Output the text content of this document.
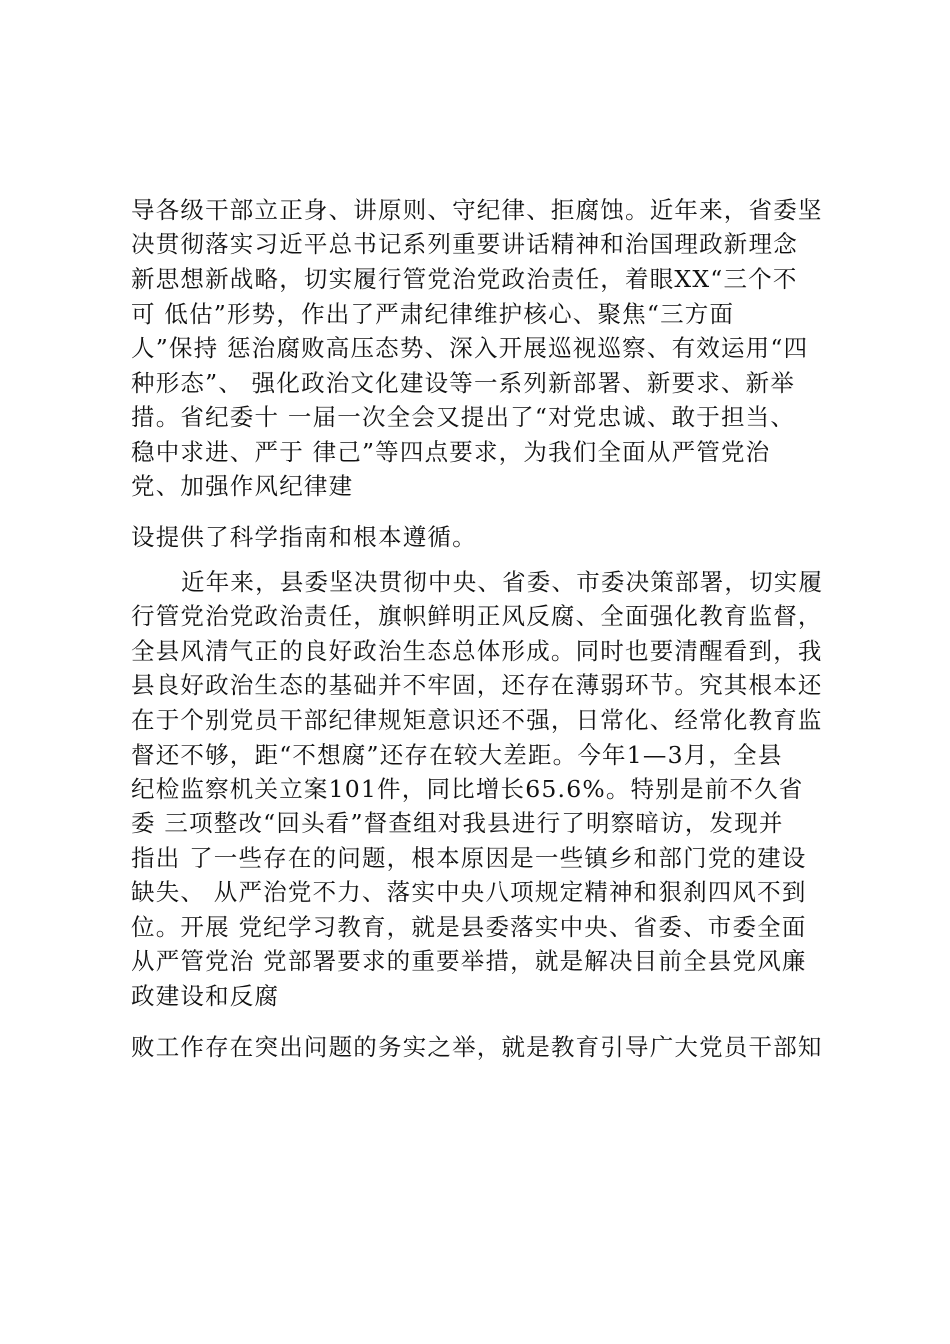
导各级干部立正身、讲原则、守纪律、拒腐蚀。近年来，省委坚
决贯彻落实习近平总书记系列重要讲话精神和治国理政新理念
新思想新战略，切实履行管党治党政治责任，着眼XX“三个不
可 低估”形势，作出了严肃纪律维护核心、聚焦“三方面
人”保持 惩治腐败高压态势、深入开展巡视巡察、有效运用“四
种形态”、 强化政治文化建设等一系列新部署、新要求、新举
措。省纪委十 一届一次全会又提出了“对党忠诚、敢于担当、
稳中求进、严于 律己”等四点要求，为我们全面从严管党治
党、加强作风纪律建
设提供了科学指南和根本遵循。
近年来，县委坚决贯彻中央、省委、市委决策部署，切实履
行管党治党政治责任，旗帜鲜明正风反腐、全面强化教育监督，
全县风清气正的良好政治生态总体形成。同时也要清醒看到，我
县良好政治生态的基础并不牢固，还存在薄弱环节。究其根本还
在于个别党员干部纪律规矩意识还不强，日常化、经常化教育监
督还不够，距“不想腐”还存在较大差距。今年1—3月，全县
纪检监察机关立案101件，同比增长65.6%。特别是前不久省
委 三项整改“回头看”督查组对我县进行了明察暗访，发现并
指出 了一些存在的问题，根本原因是一些镇乡和部门党的建设
缺失、 从严治党不力、落实中央八项规定精神和狠刹四风不到
位。开展 党纪学习教育，就是县委落实中央、省委、市委全面
从严管党治 党部署要求的重要举措，就是解决目前全县党风廉
政建设和反腐
败工作存在突出问题的务实之举，就是教育引导广大党员干部知
